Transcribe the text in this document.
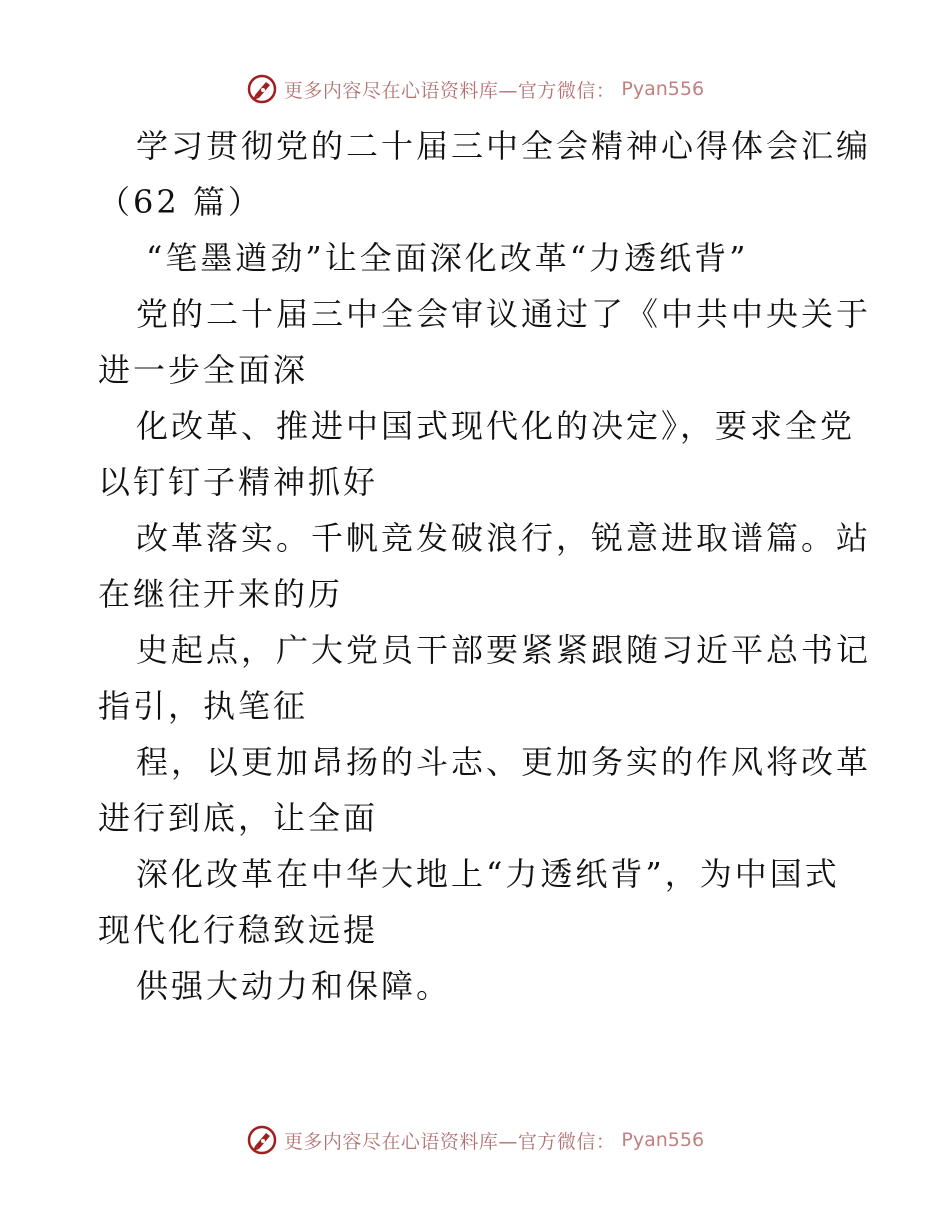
更多内容尽在心语资料库—官方微信： Pyan556
学习贯彻党的二十届三中全会精神心得体会汇编
（62 篇）
“笔墨遒劲”让全面深化改革“力透纸背”
党的二十届三中全会审议通过了《中共中央关于
进一步全面深
化改革、推进中国式现代化的决定》，要求全党
以钉钉子精神抓好
改革落实。千帆竞发破浪行，锐意进取谱篇。站
在继往开来的历
史起点，广大党员干部要紧紧跟随习近平总书记
指引，执笔征
程，以更加昂扬的斗志、更加务实的作风将改革
进行到底，让全面
深化改革在中华大地上“力透纸背”，为中国式
现代化行稳致远提
供强大动力和保障。
更多内容尽在心语资料库—官方微信： Pyan556
